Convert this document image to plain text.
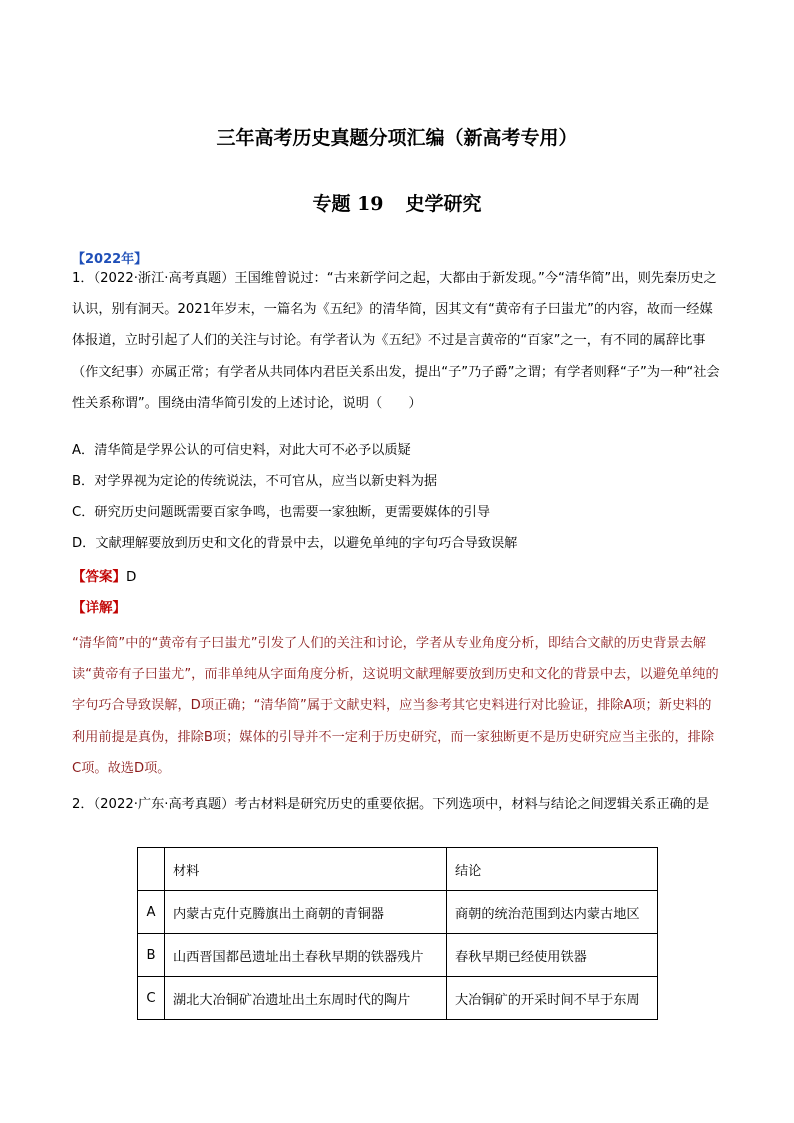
三年高考历史真题分项汇编（新高考专用）
专题 19 史学研究
【2022年】
1．（2022·浙江·高考真题）王国维曾说过：“古来新学问之起，大都由于新发现。”今“清华简”出，则先秦历史之认识，别有洞天。2021年岁末，一篇名为《五纪》的清华简，因其文有“黄帝有子曰蚩尤”的内容，故而一经媒体报道，立时引起了人们的关注与讨论。有学者认为《五纪》不过是言黄帝的“百家”之一，有不同的属辞比事（作文纪事）亦属正常；有学者从共同体内君臣关系出发，提出“子”乃子爵”之谓；有学者则释“子”为一种“社会性关系称谓”。围绕由清华简引发的上述讨论，说明（　　）
A．清华简是学界公认的可信史料，对此大可不必予以质疑
B．对学界视为定论的传统说法，不可官从，应当以新史料为据
C．研究历史问题既需要百家争鸣，也需要一家独断，更需要媒体的引导
D．文献理解要放到历史和文化的背景中去，以避免单纯的字句巧合导致误解
【答案】D
【详解】
“清华简”中的“黄帝有子曰蚩尤”引发了人们的关注和讨论，学者从专业角度分析，即结合文献的历史背景去解读“黄帝有子曰蚩尤”，而非单纯从字面角度分析，这说明文献理解要放到历史和文化的背景中去，以避免单纯的字句巧合导致误解，D项正确；“清华简”属于文献史料，应当参考其它史料进行对比验证，排除A项；新史料的利用前提是真伪，排除B项；媒体的引导并不一定利于历史研究，而一家独断更不是历史研究应当主张的，排除C项。故选D项。
2．（2022·广东·高考真题）考古材料是研究历史的重要依据。下列选项中，材料与结论之间逻辑关系正确的是
	材料	结论
A	内蒙古克什克腾旗出土商朝的青铜器	商朝的统治范围到达内蒙古地区
B	山西晋国都邑遗址出土春秋早期的铁器残片	春秋早期已经使用铁器
C	湖北大冶铜矿冶遗址出土东周时代的陶片	大冶铜矿的开采时间不早于东周
